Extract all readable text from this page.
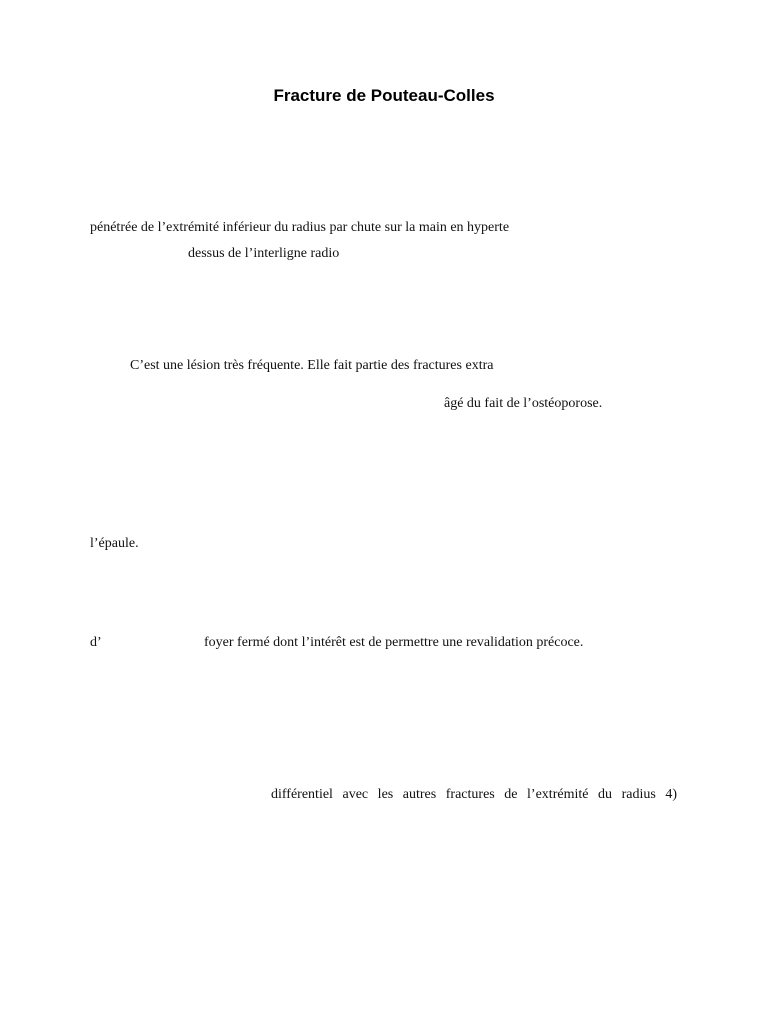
Fracture de Pouteau-Colles
pénétrée de l’extrémité inférieur du radius par chute sur la main en hyperte
dessus de l’interligne radio
C’est une lésion très fréquente. Elle fait partie des fractures extra
âgé du fait de l’ostéoporose.
l’épaule.
d’	foyer fermé dont l’intérêt est de permettre une revalidation précoce.
différentiel avec les autres fractures de l’extrémité du radius 4)
